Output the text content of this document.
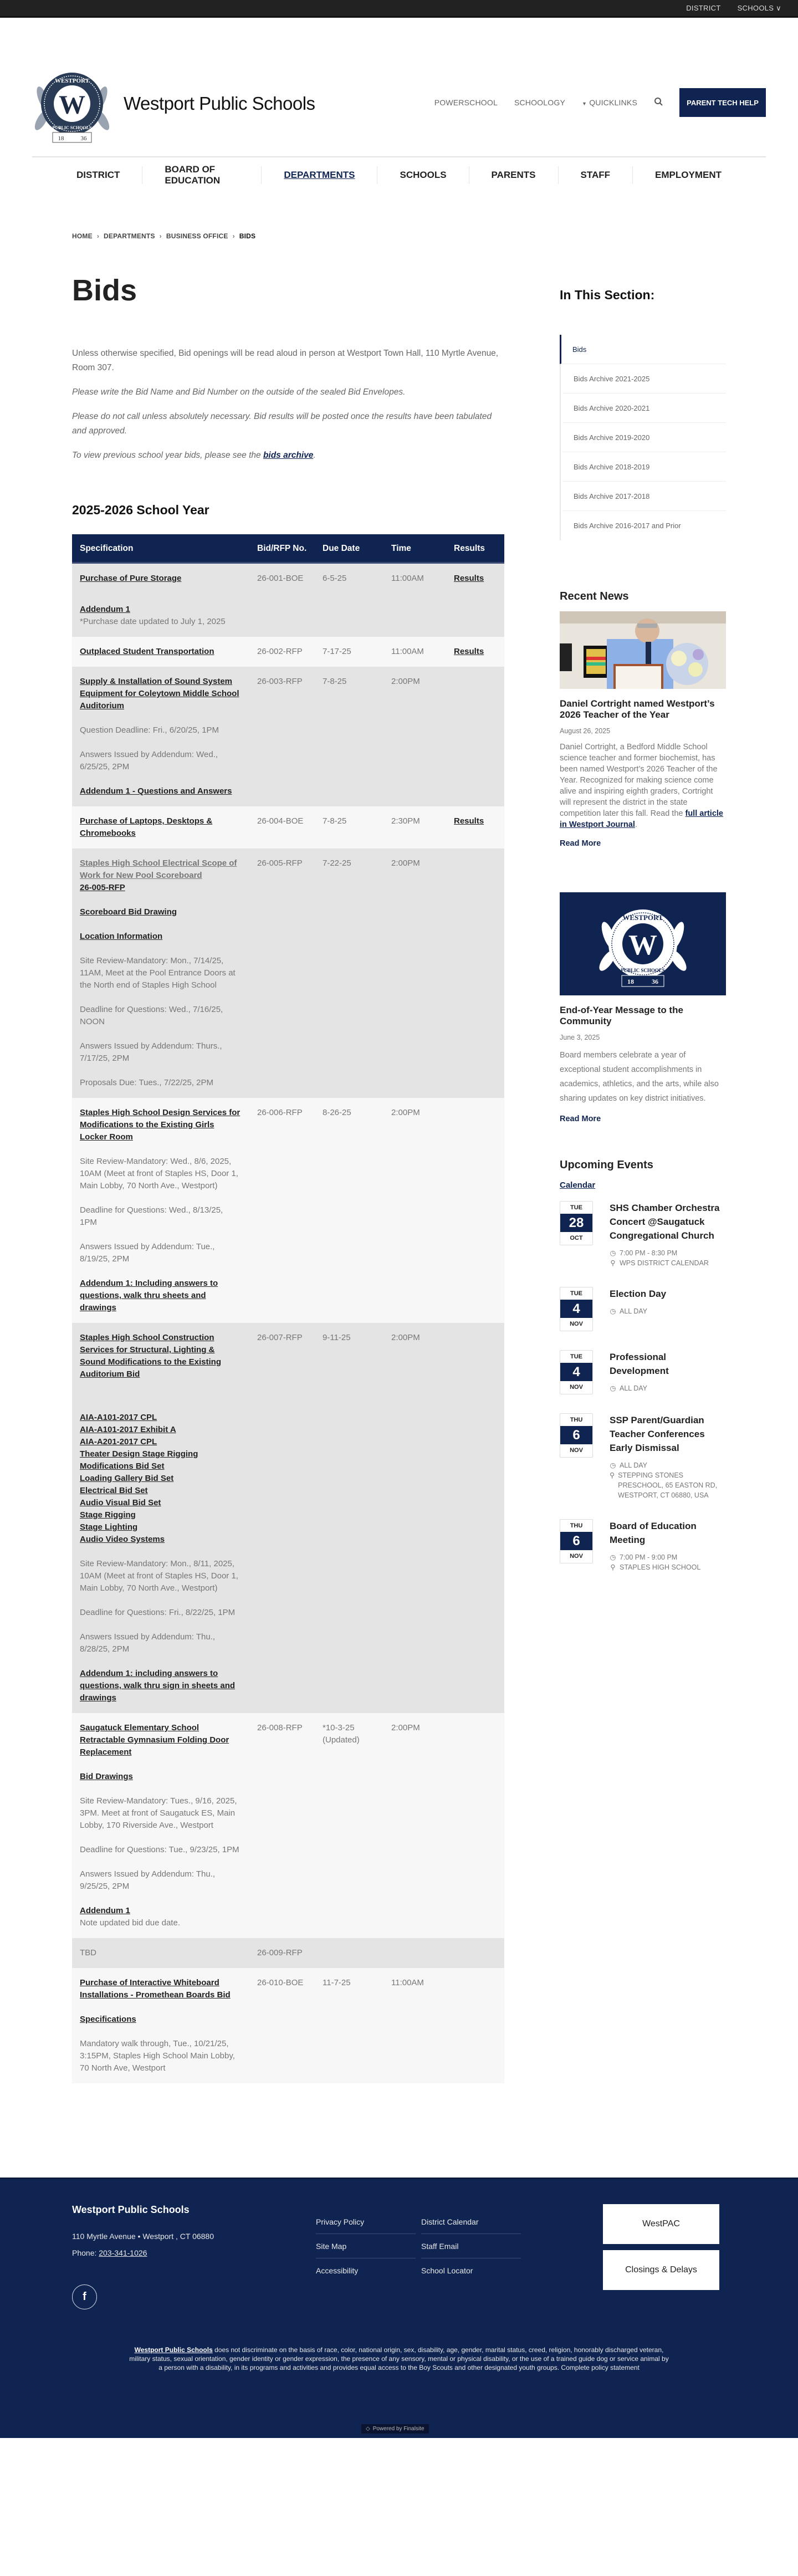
DISTRICT SCHOOLS ∨
W
WESTPORT
PUBLIC SCHOOLS
18	36
Westport Public Schools	POWERSCHOOL SCHOOLOGY	▼ QUICKLINKS	PARENT TECH HELP
DISTRICT
BOARD OF EDUCATION
DEPARTMENTS	SCHOOLS	PARENTS	STAFF	EMPLOYMENT
HOME › DEPARTMENTS › BUSINESS OFFICE › BIDS
Bids

Unless otherwise specified, Bid openings will be read aloud in person at Westport Town Hall, 110 Myrtle Avenue, Room 307.

Please write the Bid Name and Bid Number on the outside of the sealed Bid Envelopes.

Please do not call unless absolutely necessary. Bid results will be posted once the results have been tabulated and approved.

To view previous school year bids, please see the bids archive.

2025-2026 School Year
Specification	Bid/RFP No.	Due Date	Time	Results

Purchase of Pure Storage
Addendum 1
*Purchase date updated to July 1, 2025	26-001-BOE	6-5-25	11:00AM	Results

Outplaced Student Transportation	26-002-RFP	7-17-25	11:00AM	Results

Supply & Installation of Sound System Equipment for Coleytown Middle School Auditorium
Question Deadline: Fri., 6/20/25, 1PM
Answers Issued by Addendum: Wed., 6/25/25, 2PM
Addendum 1 - Questions and Answers	26-003-RFP	7-8-25	2:00PM	

Purchase of Laptops, Desktops & Chromebooks	26-004-BOE	7-8-25	2:30PM	Results

Staples High School Electrical Scope of Work for New Pool Scoreboard
26-005-RFP
Scoreboard Bid Drawing
Location Information
Site Review-Mandatory: Mon., 7/14/25, 11AM, Meet at the Pool Entrance Doors at the North end of Staples High School
Deadline for Questions: Wed., 7/16/25, NOON
Answers Issued by Addendum: Thurs., 7/17/25, 2PM
Proposals Due: Tues., 7/22/25, 2PM
	26-005-RFP	7-22-25	2:00PM	

Staples High School Design Services for Modifications to the Existing Girls Locker Room
Site Review-Mandatory: Wed., 8/6, 2025, 10AM (Meet at front of Staples HS, Door 1, Main Lobby, 70 North Ave., Westport)
Deadline for Questions: Wed., 8/13/25, 1PM
Answers Issued by Addendum: Tue., 8/19/25, 2PM
Addendum 1: Including answers to questions, walk thru sheets and drawings	26-006-RFP	8-26-25	2:00PM	

Staples High School Construction Services for Structural, Lighting & Sound Modifications to the Existing Auditorium Bid
AIA-A101-2017 CPL
AIA-A101-2017 Exhibit A
AIA-A201-2017 CPL
Theater Design Stage Rigging Modifications Bid Set
Loading Gallery Bid Set
Electrical Bid Set
Audio Visual Bid Set
Stage Rigging
Stage Lighting
Audio Video Systems
Site Review-Mandatory: Mon., 8/11, 2025, 10AM (Meet at front of Staples HS, Door 1, Main Lobby, 70 North Ave., Westport)
Deadline for Questions: Fri., 8/22/25, 1PM
Answers Issued by Addendum: Thu., 8/28/25, 2PM
Addendum 1: including answers to questions, walk thru sign in sheets and drawings
	26-007-RFP	9-11-25	2:00PM	

Saugatuck Elementary School Retractable Gymnasium Folding Door Replacement
Bid Drawings
Site Review-Mandatory: Tues., 9/16, 2025, 3PM. Meet at front of Saugatuck ES, Main Lobby, 170 Riverside Ave., Westport
Deadline for Questions: Tue., 9/23/25, 1PM
Answers Issued by Addendum: Thu., 9/25/25, 2PM
Addendum 1
Note updated bid due date.
	26-008-RFP	*10-3-25 (Updated)	2:00PM	

TBD	26-009-RFP			

Purchase of Interactive Whiteboard Installations - Promethean Boards Bid
Specifications
Mandatory walk through, Tue., 10/21/25, 3:15PM, Staples High School Main Lobby, 70 North Ave, Westport	26-010-BOE	11-7-25	11:00AM	
In This Section:
Bids
Bids Archive 2021-2025
Bids Archive 2020-2021
Bids Archive 2019-2020
Bids Archive 2018-2019
Bids Archive 2017-2018
Bids Archive 2016-2017 and Prior
Recent News
Daniel Cortright named Westport’s 2026 Teacher of the Year
August 26, 2025
Daniel Cortright, a Bedford Middle School science teacher and former biochemist, has been named Westport’s 2026 Teacher of the Year. Recognized for making science come alive and inspiring eighth graders, Cortright will represent the district in the state competition later this fall. Read the full article in Westport Journal.
Read More
W
WESTPORT
PUBLIC SCHOOLS
18	36
End-of-Year Message to the Community
June 3, 2025
Board members celebrate a year of exceptional student accomplishments in academics, athletics, and the arts, while also sharing updates on key district initiatives.
Read More
Upcoming Events
Calendar
TUE
28
OCT
SHS Chamber Orchestra Concert @Saugatuck Congregational Church
◷ 7:00 PM - 8:30 PM
⚲ WPS DISTRICT CALENDAR
TUE
4
NOV
Election Day
◷ ALL DAY
TUE
4
NOV
Professional Development
◷ ALL DAY
THU
6
NOV
SSP Parent/Guardian Teacher Conferences Early Dismissal
◷ ALL DAY
⚲ STEPPING STONES PRESCHOOL, 65 EASTON RD, WESTPORT, CT 06880, USA
THU
6
NOV
Board of Education Meeting
◷ 7:00 PM - 9:00 PM
⚲ STAPLES HIGH SCHOOL
Westport Public Schools
110 Myrtle Avenue • Westport , CT 06880
Phone: 203-341-1026
f
Privacy Policy
Site Map
Accessibility
District Calendar
Staff Email
School Locator
WestPAC
Closings & Delays
Westport Public Schools does not discriminate on the basis of race, color, national origin, sex, disability, age, gender, marital status, creed, religion, honorably discharged veteran, military status, sexual orientation, gender identity or gender expression, the presence of any sensory, mental or physical disability, or the use of a trained guide dog or service animal by a person with a disability, in its programs and activities and provides equal access to the Boy Scouts and other designated youth groups. Complete policy statement
◇ Powered by Finalsite
